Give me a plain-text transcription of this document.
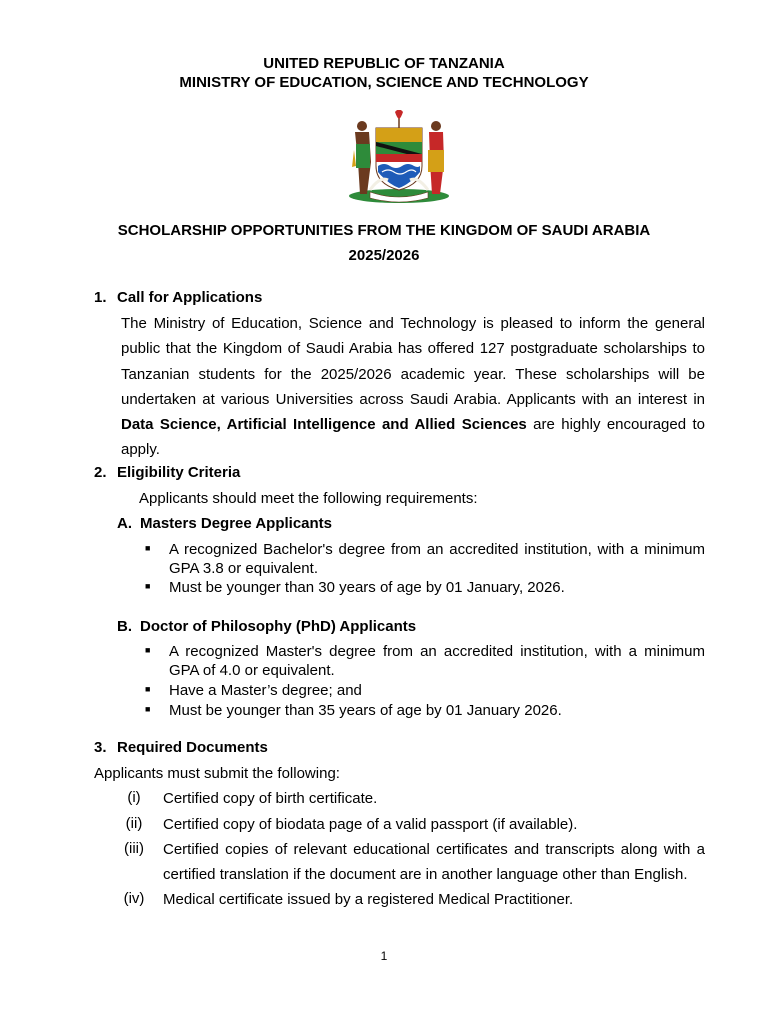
UNITED REPUBLIC OF TANZANIA
MINISTRY OF EDUCATION, SCIENCE AND TECHNOLOGY
SCHOLARSHIP OPPORTUNITIES FROM THE KINGDOM OF SAUDI ARABIA
2025/2026
1. Call for Applications
The Ministry of Education, Science and Technology is pleased to inform the general public that the Kingdom of Saudi Arabia has offered 127 postgraduate scholarships to Tanzanian students for the 2025/2026 academic year. These scholarships will be undertaken at various Universities across Saudi Arabia. Applicants with an interest in Data Science, Artificial Intelligence and Allied Sciences are highly encouraged to apply.
2. Eligibility Criteria
Applicants should meet the following requirements:
A. Masters Degree Applicants
■ A recognized Bachelor's degree from an accredited institution, with a minimum GPA 3.8 or equivalent.
■ Must be younger than 30 years of age by 01 January, 2026.
B. Doctor of Philosophy (PhD) Applicants
■ A recognized Master's degree from an accredited institution, with a minimum GPA of 4.0 or equivalent.
■ Have a Master’s degree; and
■ Must be younger than 35 years of age by 01 January 2026.
3. Required Documents
Applicants must submit the following:
(i)	Certified copy of birth certificate.
(ii)	Certified copy of biodata page of a valid passport (if available).
(iii)	Certified copies of relevant educational certificates and transcripts along with a certified translation if the document are in another language other than English.
(iv)	Medical certificate issued by a registered Medical Practitioner.
1
